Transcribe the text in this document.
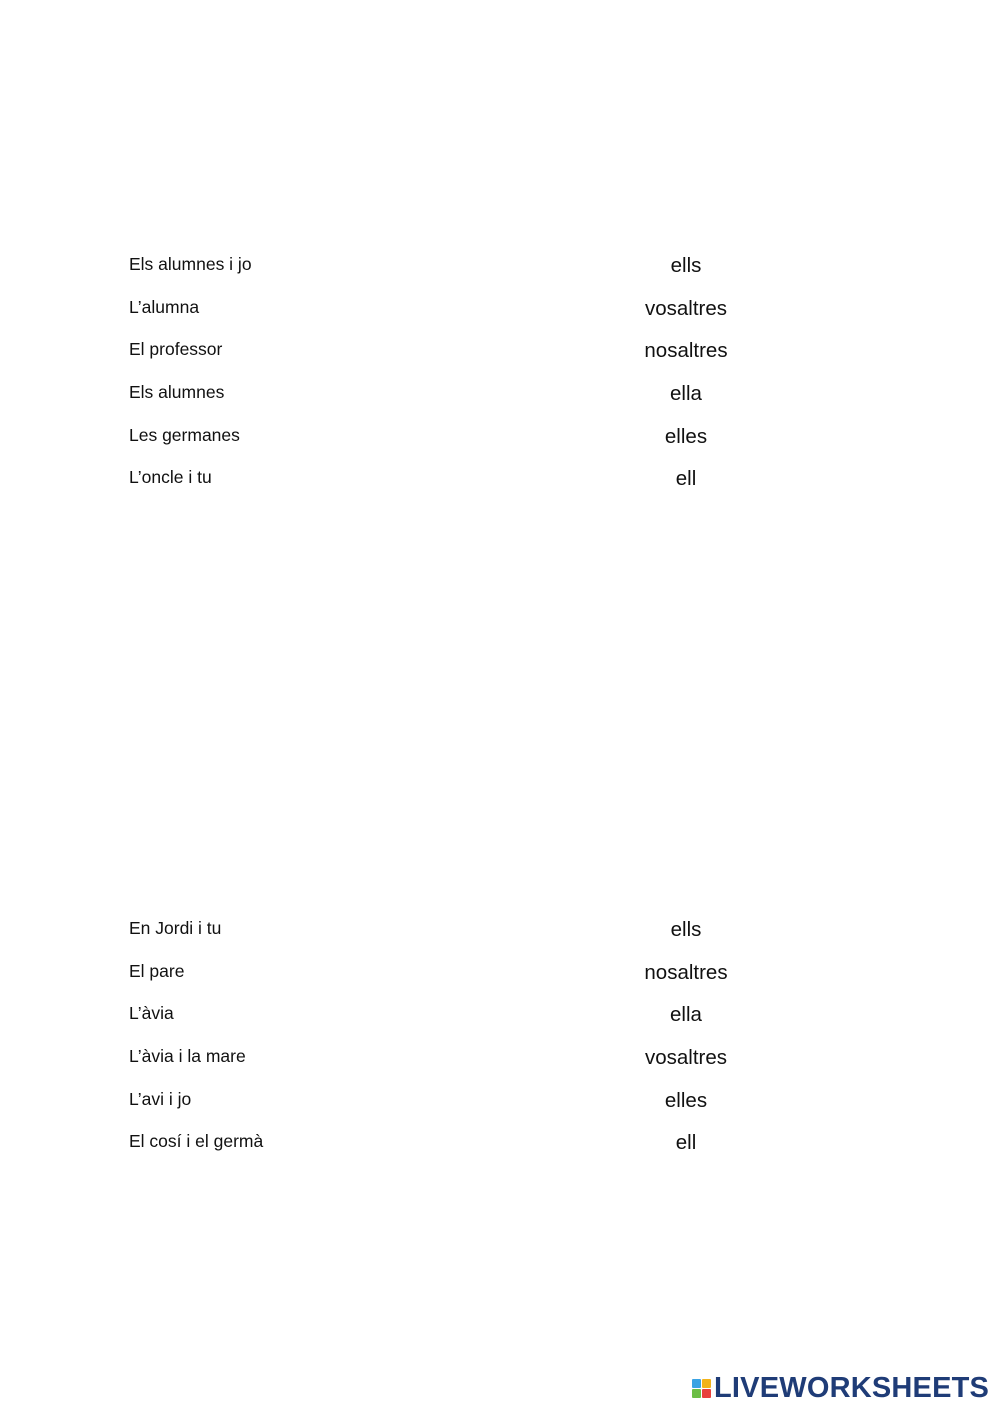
Els alumnes i jo	ells
L’alumna	vosaltres
El professor	nosaltres
Els alumnes	ella
Les germanes	elles
L’oncle i tu	ell
En Jordi i tu	ells
El pare	nosaltres
L’àvia	ella
L’àvia i la mare	vosaltres
L’avi i jo	elles
El cosí i el germà	ell
LIVEWORKSHEETS
